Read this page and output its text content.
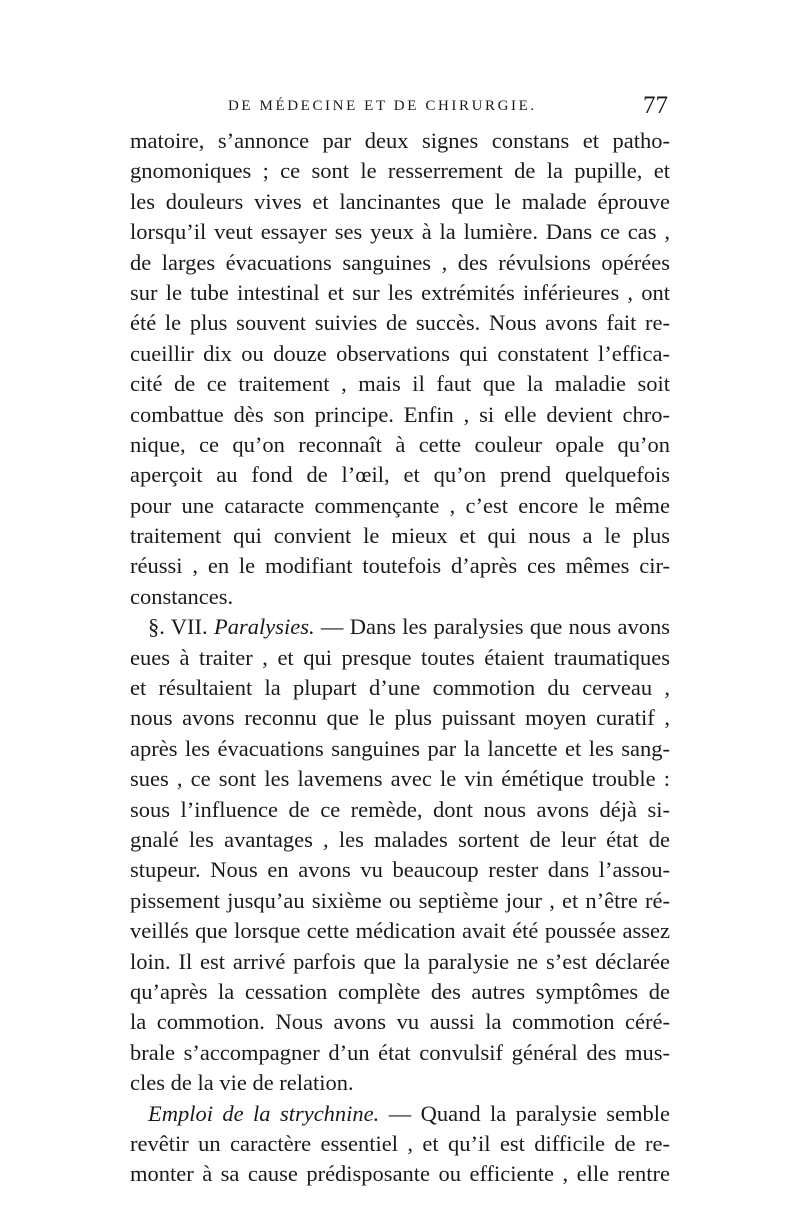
DE MÉDECINE ET DE CHIRURGIE.	77
matoire, s’annonce par deux signes constans et patho-
gnomoniques ; ce sont le resserrement de la pupille, et
les douleurs vives et lancinantes que le malade éprouve
lorsqu’il veut essayer ses yeux à la lumière. Dans ce cas ,
de larges évacuations sanguines , des révulsions opérées
sur le tube intestinal et sur les extrémités inférieures , ont
été le plus souvent suivies de succès. Nous avons fait re-
cueillir dix ou douze observations qui constatent l’effica-
cité de ce traitement , mais il faut que la maladie soit
combattue dès son principe. Enfin , si elle devient chro-
nique, ce qu’on reconnaît à cette couleur opale qu’on
aperçoit au fond de l’œil, et qu’on prend quelquefois
pour une cataracte commençante , c’est encore le même
traitement qui convient le mieux et qui nous a le plus
réussi , en le modifiant toutefois d’après ces mêmes cir-
constances.
§. VII. Paralysies. — Dans les paralysies que nous avons
eues à traiter , et qui presque toutes étaient traumatiques
et résultaient la plupart d’une commotion du cerveau ,
nous avons reconnu que le plus puissant moyen curatif ,
après les évacuations sanguines par la lancette et les sang-
sues , ce sont les lavemens avec le vin émétique trouble :
sous l’influence de ce remède, dont nous avons déjà si-
gnalé les avantages , les malades sortent de leur état de
stupeur. Nous en avons vu beaucoup rester dans l’assou-
pissement jusqu’au sixième ou septième jour , et n’être ré-
veillés que lorsque cette médication avait été poussée assez
loin. Il est arrivé parfois que la paralysie ne s’est déclarée
qu’après la cessation complète des autres symptômes de
la commotion. Nous avons vu aussi la commotion céré-
brale s’accompagner d’un état convulsif général des mus-
cles de la vie de relation.
Emploi de la strychnine. — Quand la paralysie semble
revêtir un caractère essentiel , et qu’il est difficile de re-
monter à sa cause prédisposante ou efficiente , elle rentre
